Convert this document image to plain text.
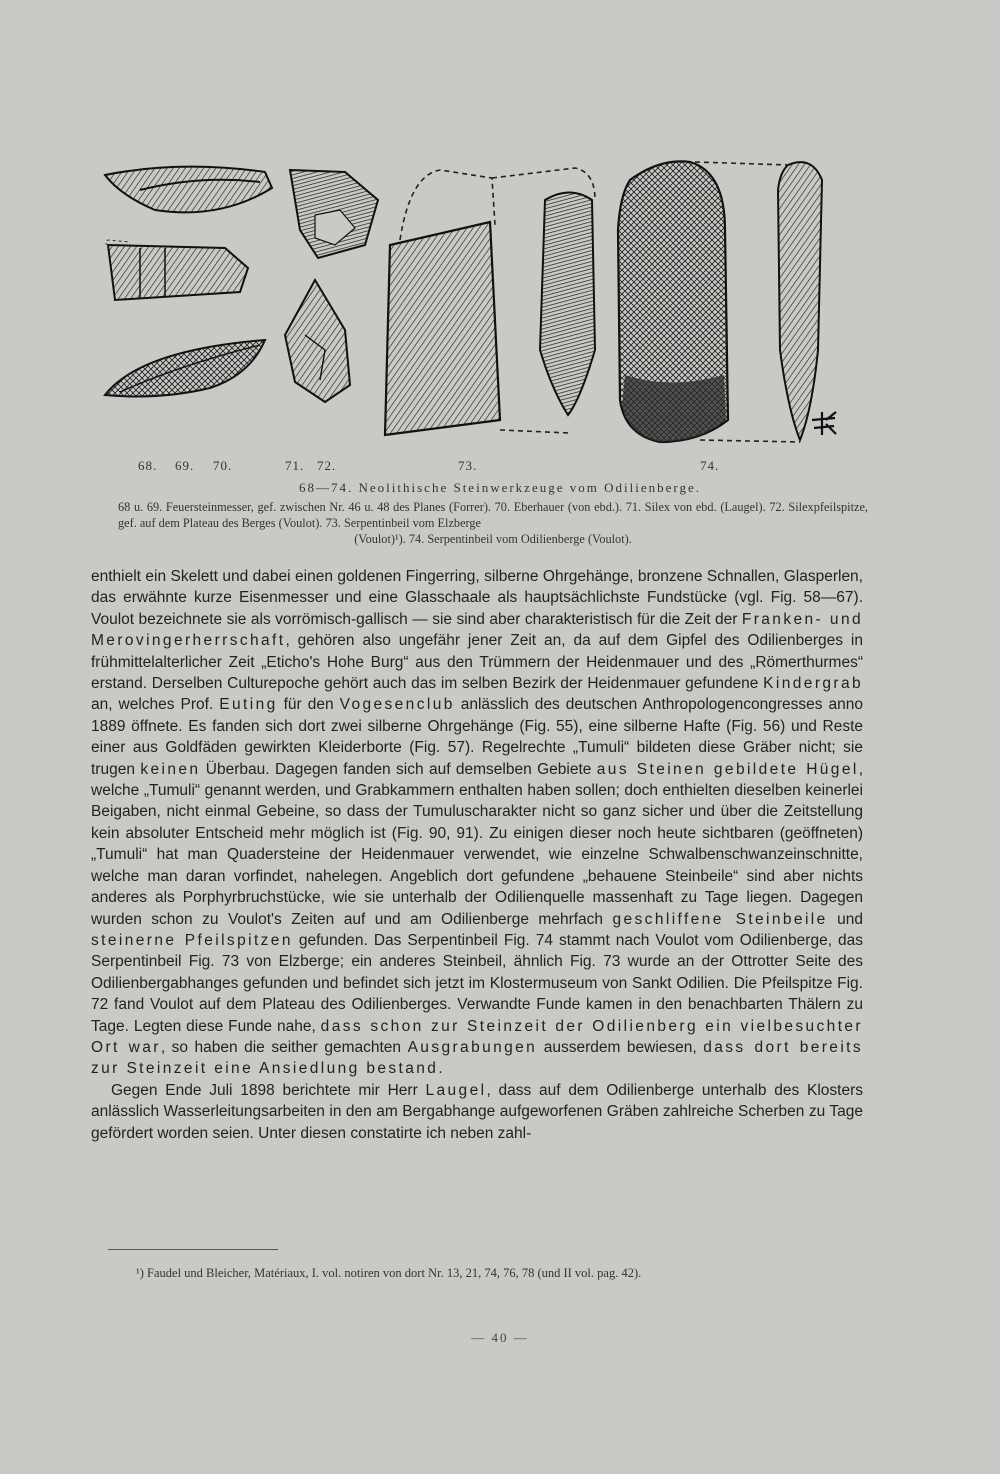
68. 69. 70.	71. 72.	73.	74.

68—74. Neolithische Steinwerkzeuge vom Odilienberge.

68 u. 69. Feuersteinmesser, gef. zwischen Nr. 46 u. 48 des Planes (Forrer). 70. Eberhauer (von ebd.). 71. Silex von ebd. (Laugel). 72. Silexpfeilspitze, gef. auf dem Plateau des Berges (Voulot). 73. Serpentinbeil vom Elzberge
(Voulot)¹). 74. Serpentinbeil vom Odilienberge (Voulot).

enthielt ein Skelett und dabei einen goldenen Fingerring, silberne Ohrgehänge, bronzene Schnallen, Glasperlen, das erwähnte kurze Eisenmesser und eine Glasschaale als hauptsächlichste Fundstücke (vgl. Fig. 58—67). Voulot bezeichnete sie als vorrömisch-gallisch — sie sind aber charakteristisch für die Zeit der Franken- und Merovingerherrschaft, gehören also ungefähr jener Zeit an, da auf dem Gipfel des Odilienberges in frühmittelalterlicher Zeit „Eticho's Hohe Burg“ aus den Trümmern der Heidenmauer und des „Römerthurmes“ erstand. Derselben Culturepoche gehört auch das im selben Bezirk der Heidenmauer gefundene Kindergrab an, welches Prof. Euting für den Vogesenclub anlässlich des deutschen Anthropologencongresses anno 1889 öffnete. Es fanden sich dort zwei silberne Ohrgehänge (Fig. 55), eine silberne Hafte (Fig. 56) und Reste einer aus Goldfäden gewirkten Kleiderborte (Fig. 57). Regelrechte „Tumuli“ bildeten diese Gräber nicht; sie trugen keinen Überbau. Dagegen fanden sich auf demselben Gebiete aus Steinen gebildete Hügel, welche „Tumuli“ genannt werden, und Grabkammern enthalten haben sollen; doch enthielten dieselben keinerlei Beigaben, nicht einmal Gebeine, so dass der Tumuluscharakter nicht so ganz sicher und über die Zeitstellung kein absoluter Entscheid mehr möglich ist (Fig. 90, 91). Zu einigen dieser noch heute sichtbaren (geöffneten) „Tumuli“ hat man Quadersteine der Heidenmauer verwendet, wie einzelne Schwalbenschwanzeinschnitte, welche man daran vorfindet, nahelegen. Angeblich dort gefundene „behauene Steinbeile“ sind aber nichts anderes als Porphyrbruchstücke, wie sie unterhalb der Odilienquelle massenhaft zu Tage liegen. Dagegen wurden schon zu Voulot's Zeiten auf und am Odilienberge mehrfach geschliffene Steinbeile und steinerne Pfeilspitzen gefunden. Das Serpentinbeil Fig. 74 stammt nach Voulot vom Odilienberge, das Serpentinbeil Fig. 73 von Elzberge; ein anderes Steinbeil, ähnlich Fig. 73 wurde an der Ottrotter Seite des Odilienbergabhanges gefunden und befindet sich jetzt im Klostermuseum von Sankt Odilien. Die Pfeilspitze Fig. 72 fand Voulot auf dem Plateau des Odilienberges. Verwandte Funde kamen in den benachbarten Thälern zu Tage. Legten diese Funde nahe, dass schon zur Steinzeit der Odilienberg ein vielbesuchter Ort war, so haben die seither gemachten Ausgrabungen ausserdem bewiesen, dass dort bereits zur Steinzeit eine Ansiedlung bestand.

Gegen Ende Juli 1898 berichtete mir Herr Laugel, dass auf dem Odilienberge unterhalb des Klosters anlässlich Wasserleitungsarbeiten in den am Bergabhange aufgeworfenen Gräben zahlreiche Scherben zu Tage gefördert worden seien. Unter diesen constatirte ich neben zahl-

¹) Faudel und Bleicher, Matériaux, I. vol. notiren von dort Nr. 13, 21, 74, 76, 78 (und II vol. pag. 42).

— 40 —
